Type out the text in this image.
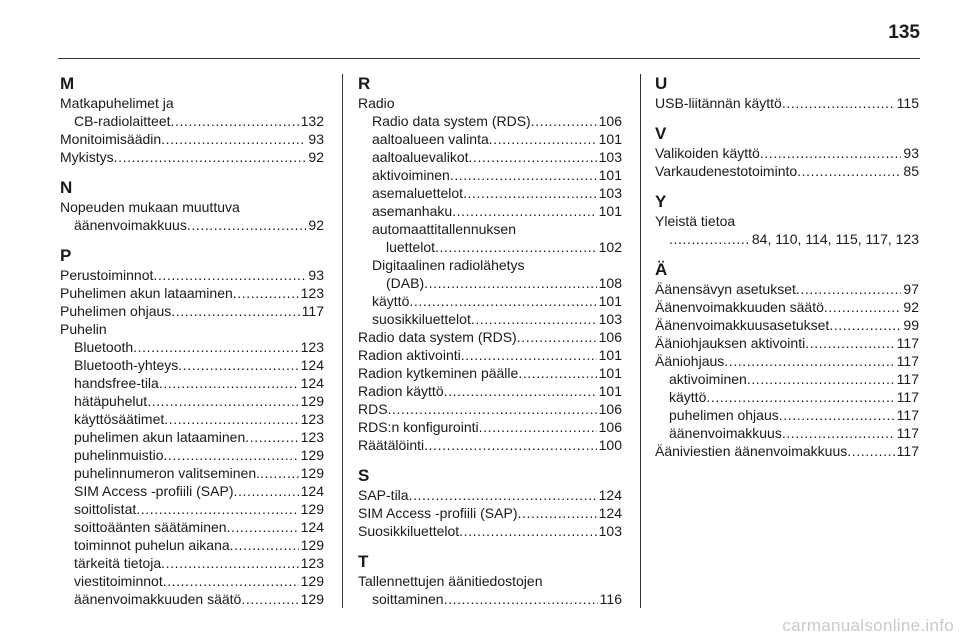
135
M
Matkapuhelimet ja
CB-radiolaitteet .....	132
Monitoimisäädin .....	93
Mykistys .....	92
N
Nopeuden mukaan muuttuva
äänenvoimakkuus .....	92
P
Perustoiminnot .....	93
Puhelimen akun lataaminen .....	123
Puhelimen ohjaus .....	117
Puhelin
Bluetooth .....	123
Bluetooth-yhteys .....	124
handsfree-tila .....	124
hätäpuhelut .....	129
käyttösäätimet .....	123
puhelimen akun lataaminen .....	123
puhelinmuistio .....	129
puhelinnumeron valitseminen. .....	129
SIM Access -profiili (SAP) .....	124
soittolistat .....	129
soittoäänten säätäminen .....	124
toiminnot puhelun aikana .....	129
tärkeitä tietoja .....	123
viestitoiminnot .....	129
äänenvoimakkuuden säätö .....	129
R
Radio
Radio data system (RDS) .....	106
aaltoalueen valinta .....	101
aaltoaluevalikot .....	103
aktivoiminen .....	101
asemaluettelot .....	103
asemanhaku .....	101
automaattitallennuksen
luettelot .....	102
Digitaalinen radiolähetys
(DAB) .....	108
käyttö .....	101
suosikkiluettelot .....	103
Radio data system (RDS) .....	106
Radion aktivointi .....	101
Radion kytkeminen päälle .....	101
Radion käyttö .....	101
RDS .....	106
RDS:n konfigurointi .....	106
Räätälöinti .....	100
S
SAP-tila .....	124
SIM Access -profiili (SAP) .....	124
Suosikkiluettelot .....	103
T
Tallennettujen äänitiedostojen
soittaminen .....	116
U
USB-liitännän käyttö .....	115
V
Valikoiden käyttö .....	93
Varkaudenestotoiminto .....	85
Y
Yleistä tietoa
.....
84, 110, 114, 115, 117, 123
Ä
Äänensävyn asetukset .....	97
Äänenvoimakkuuden säätö .....	92
Äänenvoimakkuusasetukset .....	99
Ääniohjauksen aktivointi .....	117
Ääniohjaus .....	117
aktivoiminen .....	117
käyttö .....	117
puhelimen ohjaus .....	117
äänenvoimakkuus .....	117
Ääniviestien äänenvoimakkuus .....	117
carmanualsonline.info
